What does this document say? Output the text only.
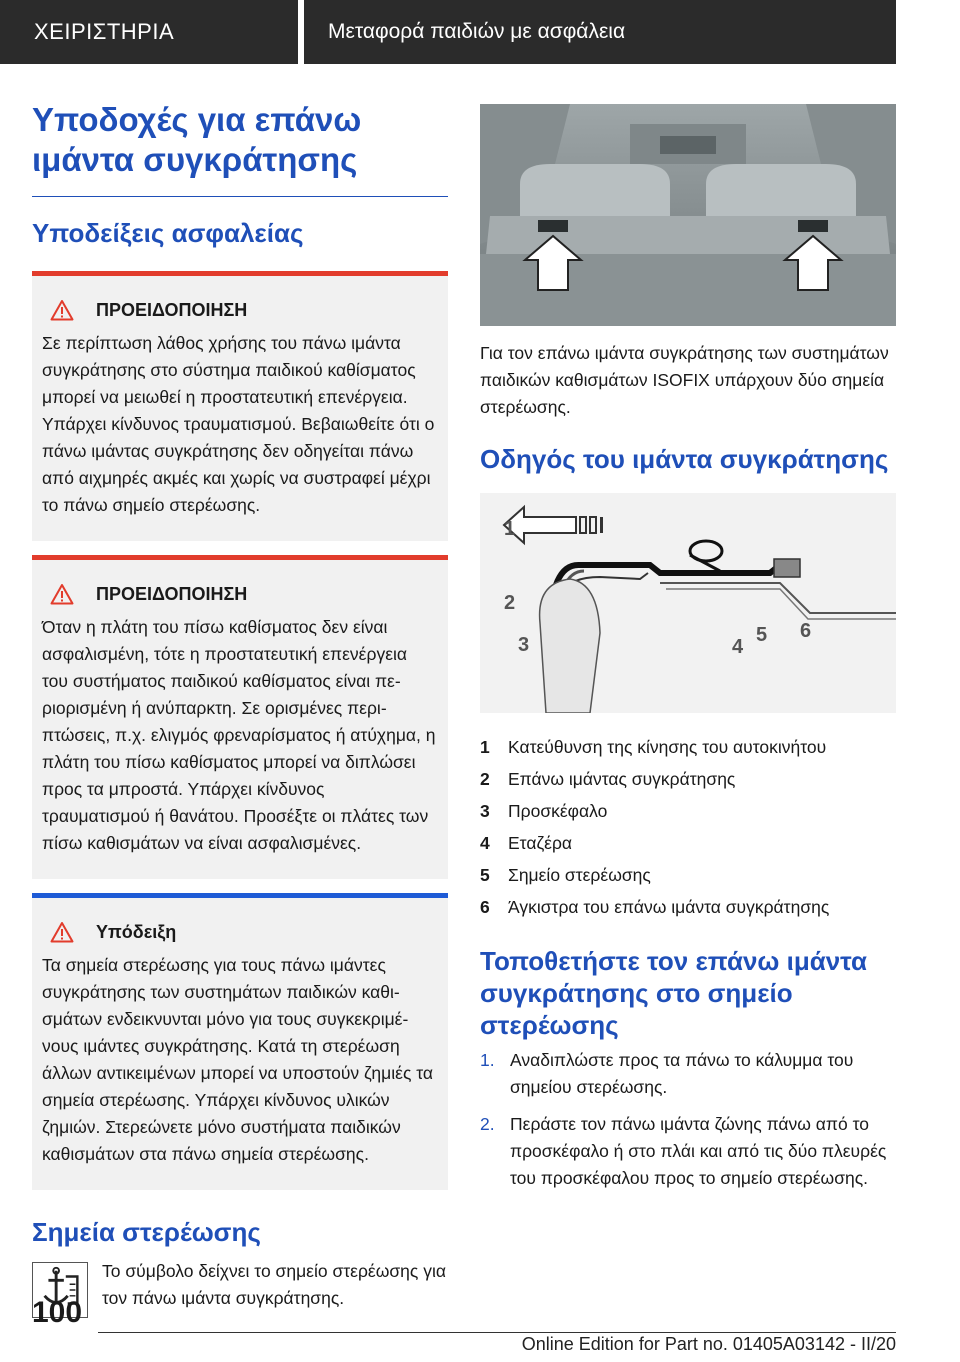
ΧΕΙΡΙΣΤΗΡΙΑ	Μεταφορά παιδιών με ασφάλεια
Υποδοχές για επάνω
ιμάντα συγκράτησης
Υποδείξεις ασφαλείας
ΠΡΟΕΙΔΟΠΟΙΗΣΗ
Σε περίπτωση λάθος χρήσης του πάνω ιμάντα συγκράτησης στο σύστημα παιδικού καθίσματος μπορεί να μειωθεί η προστατευτική επενέργεια. Υπάρχει κίνδυνος τραυματισμού. Βεβαιωθείτε ότι ο πάνω ιμάντας συγκράτησης δεν οδηγείται πάνω από αιχμηρές ακμές και χωρίς να συστραφεί μέχρι το πάνω σημείο στερέωσης.
ΠΡΟΕΙΔΟΠΟΙΗΣΗ
Όταν η πλάτη του πίσω καθίσματος δεν είναι ασφαλισμένη, τότε η προστατευτική επενέργεια του συστήματος παιδικού καθίσματος είναι περιορισμένη ή ανύπαρκτη. Σε ορισμένες περιπτώσεις, π.χ. ελιγμός φρεναρίσματος ή ατύχημα, η πλάτη του πίσω καθίσματος μπορεί να διπλώσει προς τα μπροστά. Υπάρχει κίνδυνος τραυματισμού ή θανάτου. Προσέξτε οι πλάτες των πίσω καθισμάτων να είναι ασφαλισμένες.
Υπόδειξη
Τα σημεία στερέωσης για τους πάνω ιμάντες συγκράτησης των συστημάτων παιδικών καθισμάτων ενδεικνυνται μόνο για τους συγκεκριμένους ιμάντες συγκράτησης. Κατά τη στερέωση άλλων αντικειμένων μπορεί να υποστούν ζημιές τα σημεία στερέωσης. Υπάρχει κίνδυνος υλικών ζημιών. Στερεώνετε μόνο συστήματα παιδικών καθισμάτων στα πάνω σημεία στερέωσης.
Σημεία στερέωσης
Το σύμβολο δείχνει το σημείο στερέωσης για τον πάνω ιμάντα συγκράτησης.
Για τον επάνω ιμάντα συγκράτησης των συστημάτων παιδικών καθισμάτων ISOFIX υπάρχουν δύο σημεία στερέωσης.
Οδηγός του ιμάντα συγκράτησης
1
2
3	4
5 6
1	Κατεύθυνση της κίνησης του αυτοκινήτου
2	Επάνω ιμάντας συγκράτησης
3	Προσκέφαλο
4	Εταζέρα
5	Σημείο στερέωσης
6	Άγκιστρα του επάνω ιμάντα συγκράτησης
Τοποθετήστε τον επάνω ιμάντα
συγκράτησης στο σημείο
στερέωσης
1. Αναδιπλώστε προς τα πάνω το κάλυμμα του σημείου στερέωσης.
2. Περάστε τον πάνω ιμάντα ζώνης πάνω από το προσκέφαλο ή στο πλάι και από τις δύο πλευρές του προσκέφαλου προς το σημείο στερέωσης.
100
Online Edition for Part no. 01405A03142 - II/20
